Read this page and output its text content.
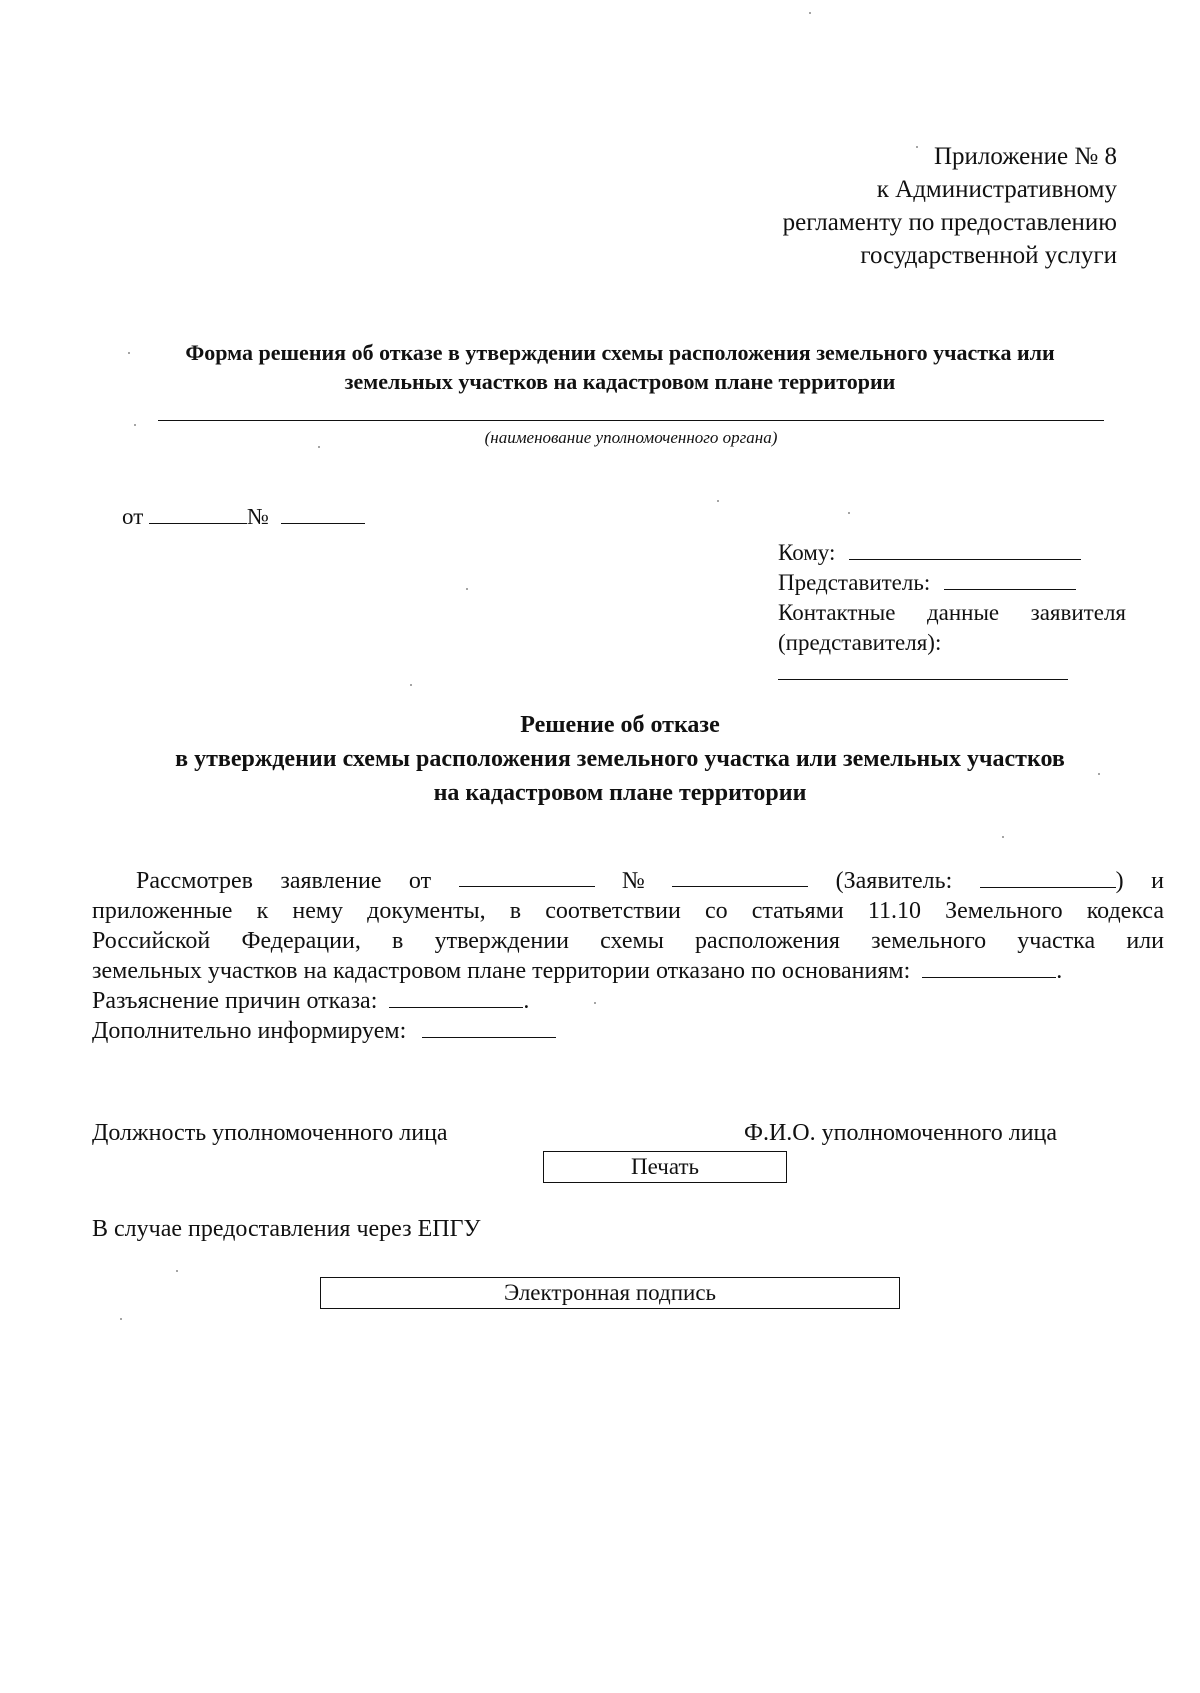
Приложение № 8
к Административному
регламенту по предоставлению
государственной услуги
Форма решения об отказе в утверждении схемы расположения земельного участка или
земельных участков на кадастровом плане территории
(наименование уполномоченного органа)
от	№
Кому:
Представитель:
Контактные данные заявителя
(представителя):
Решение об отказе
в утверждении схемы расположения земельного участка или земельных участков
на кадастровом плане территории
Рассмотрев заявление от	№	(Заявитель:	) и
приложенные к нему документы, в соответствии со статьями 11.10 Земельного кодекса
Российской Федерации, в утверждении схемы расположения земельного участка или
земельных участков на кадастровом плане территории отказано по основаниям:	.
Разъяснение причин отказа:	.
Дополнительно информируем:
Должность уполномоченного лица	Ф.И.О. уполномоченного лица
Печать
В случае предоставления через ЕПГУ
Электронная подпись
